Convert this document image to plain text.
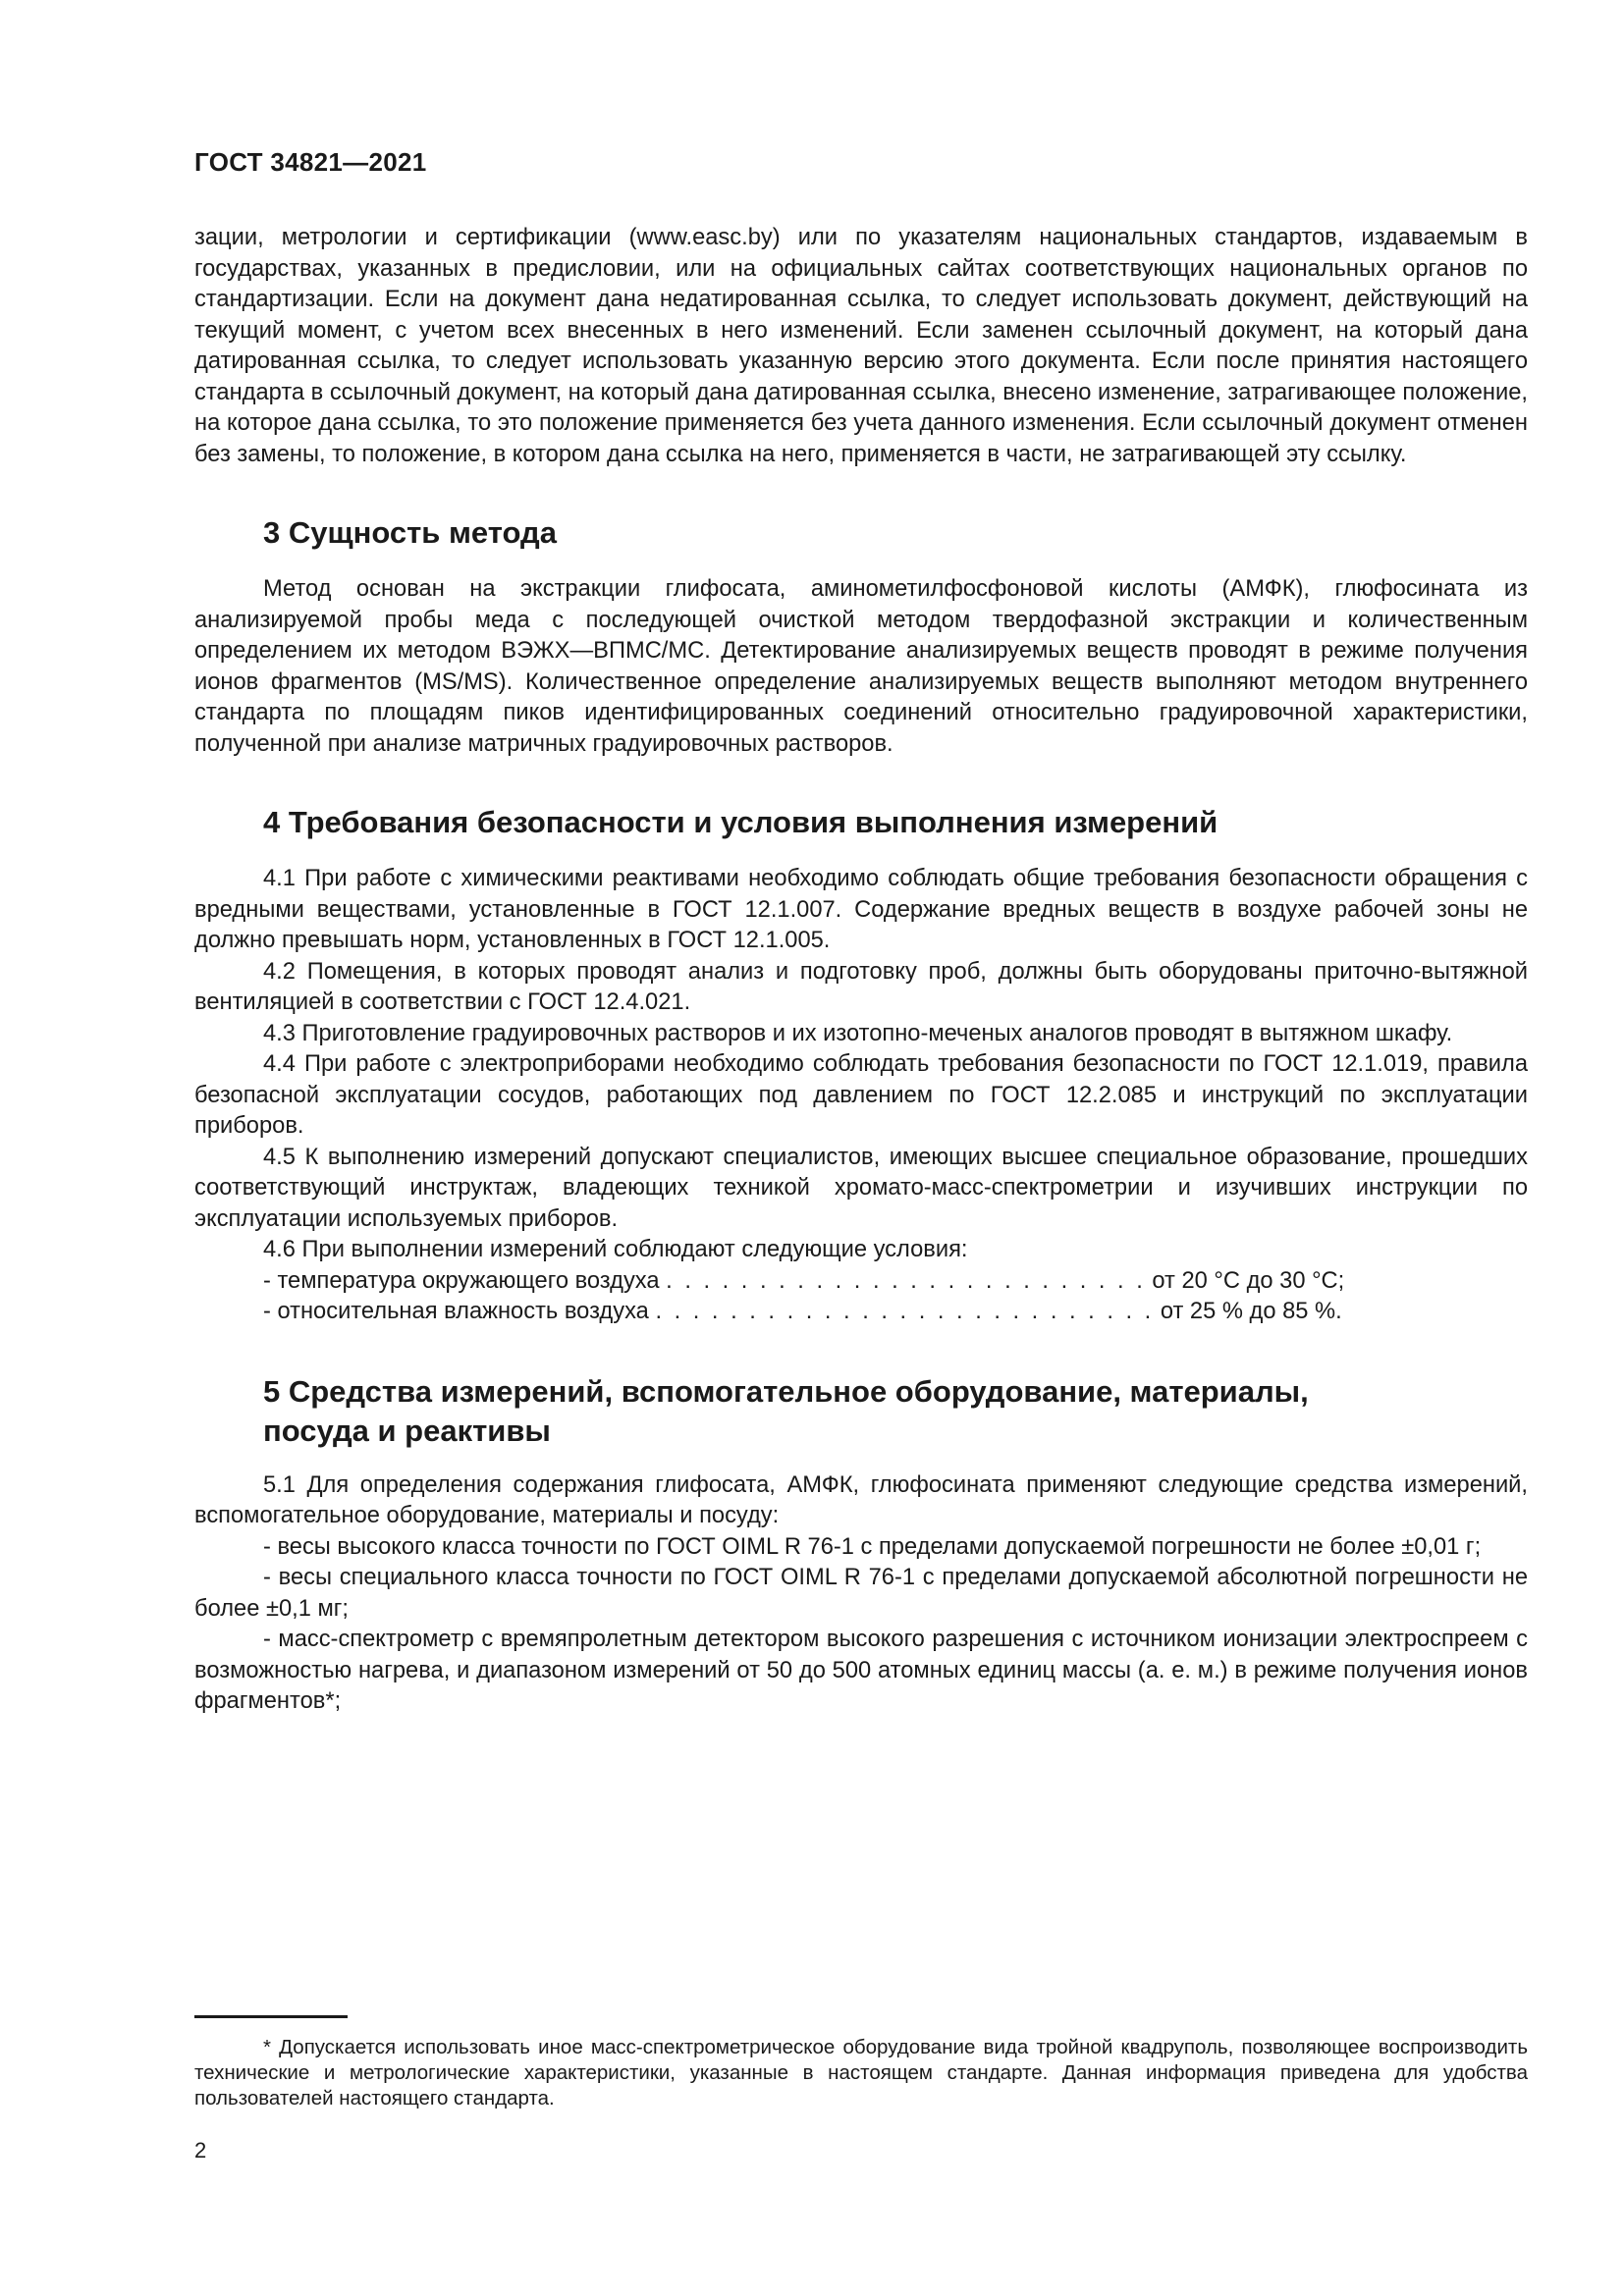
ГОСТ 34821—2021

зации, метрологии и сертификации (www.easc.by) или по указателям национальных стандартов, издаваемым в государствах, указанных в предисловии, или на официальных сайтах соответствующих национальных органов по стандартизации. Если на документ дана недатированная ссылка, то следует использовать документ, действующий на текущий момент, с учетом всех внесенных в него изменений. Если заменен ссылочный документ, на который дана датированная ссылка, то следует использовать указанную версию этого документа. Если после принятия настоящего стандарта в ссылочный документ, на который дана датированная ссылка, внесено изменение, затрагивающее положение, на которое дана ссылка, то это положение применяется без учета данного изменения. Если ссылочный документ отменен без замены, то положение, в котором дана ссылка на него, применяется в части, не затрагивающей эту ссылку.

3 Сущность метода

Метод основан на экстракции глифосата, аминометилфосфоновой кислоты (АМФК), глюфосината из анализируемой пробы меда с последующей очисткой методом твердофазной экстракции и количественным определением их методом ВЭЖХ—ВПМС/МС. Детектирование анализируемых веществ проводят в режиме получения ионов фрагментов (MS/MS). Количественное определение анализируемых веществ выполняют методом внутреннего стандарта по площадям пиков идентифицированных соединений относительно градуировочной характеристики, полученной при анализе матричных градуировочных растворов.

4 Требования безопасности и условия выполнения измерений

4.1 При работе с химическими реактивами необходимо соблюдать общие требования безопасности обращения с вредными веществами, установленные в ГОСТ 12.1.007. Содержание вредных веществ в воздухе рабочей зоны не должно превышать норм, установленных в ГОСТ 12.1.005.

4.2 Помещения, в которых проводят анализ и подготовку проб, должны быть оборудованы приточно-вытяжной вентиляцией в соответствии с ГОСТ 12.4.021.

4.3 Приготовление градуировочных растворов и их изотопно-меченых аналогов проводят в вытяжном шкафу.

4.4 При работе с электроприборами необходимо соблюдать требования безопасности по ГОСТ 12.1.019, правила безопасной эксплуатации сосудов, работающих под давлением по ГОСТ 12.2.085 и инструкций по эксплуатации приборов.

4.5 К выполнению измерений допускают специалистов, имеющих высшее специальное образование, прошедших соответствующий инструктаж, владеющих техникой хромато-масс-спектрометрии и изучивших инструкции по эксплуатации используемых приборов.

4.6 При выполнении измерений соблюдают следующие условия:

- температура окружающего воздуха . . . . . . . . . . . . . . . . . . . . . . . . . . от 20 °С до 30 °С;
- относительная влажность воздуха . . . . . . . . . . . . . . . . . . . . . . . . . . . от 25 % до 85 %.
5 Средства измерений, вспомогательное оборудование, материалы,
посуда и реактивы

5.1 Для определения содержания глифосата, АМФК, глюфосината применяют следующие средства измерений, вспомогательное оборудование, материалы и посуду:

- весы высокого класса точности по ГОСТ OIML R 76-1 с пределами допускаемой погрешности не более ±0,01 г;

- весы специального класса точности по ГОСТ OIML R 76-1 с пределами допускаемой абсолютной погрешности не более ±0,1 мг;

- масс-спектрометр с времяпролетным детектором высокого разрешения с источником ионизации электроспреем с возможностью нагрева, и диапазоном измерений от 50 до 500 атомных единиц массы (а. е. м.) в режиме получения ионов фрагментов*;

* Допускается использовать иное масс-спектрометрическое оборудование вида тройной квадруполь, позволяющее воспроизводить технические и метрологические характеристики, указанные в настоящем стандарте. Данная информация приведена для удобства пользователей настоящего стандарта.

2
